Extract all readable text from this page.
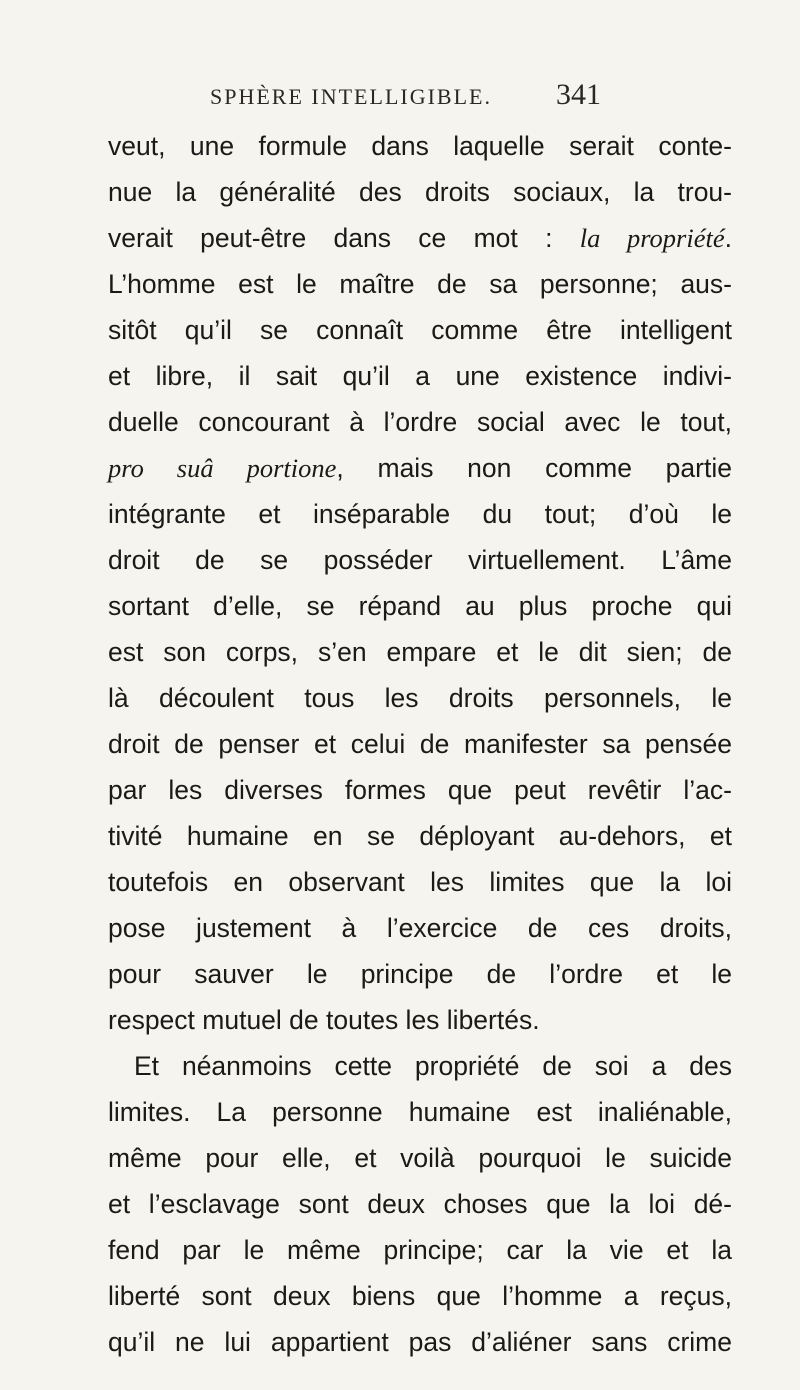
SPHÈRE INTELLIGIBLE. 341
veut, une formule dans laquelle serait conte-
nue la généralité des droits sociaux, la trou-
verait peut-être dans ce mot : la propriété.
L’homme est le maître de sa personne; aus-
sitôt qu’il se connaît comme être intelligent
et libre, il sait qu’il a une existence indivi-
duelle concourant à l’ordre social avec le tout,
pro suâ portione, mais non comme partie
intégrante et inséparable du tout; d’où le
droit de se posséder virtuellement. L’âme
sortant d’elle, se répand au plus proche qui
est son corps, s’en empare et le dit sien; de
là découlent tous les droits personnels, le
droit de penser et celui de manifester sa pensée
par les diverses formes que peut revêtir l’ac-
tivité humaine en se déployant au-dehors, et
toutefois en observant les limites que la loi
pose justement à l’exercice de ces droits,
pour sauver le principe de l’ordre et le
respect mutuel de toutes les libertés.
Et néanmoins cette propriété de soi a des
limites. La personne humaine est inaliénable,
même pour elle, et voilà pourquoi le suicide
et l’esclavage sont deux choses que la loi dé-
fend par le même principe; car la vie et la
liberté sont deux biens que l’homme a reçus,
qu’il ne lui appartient pas d’aliéner sans crime
